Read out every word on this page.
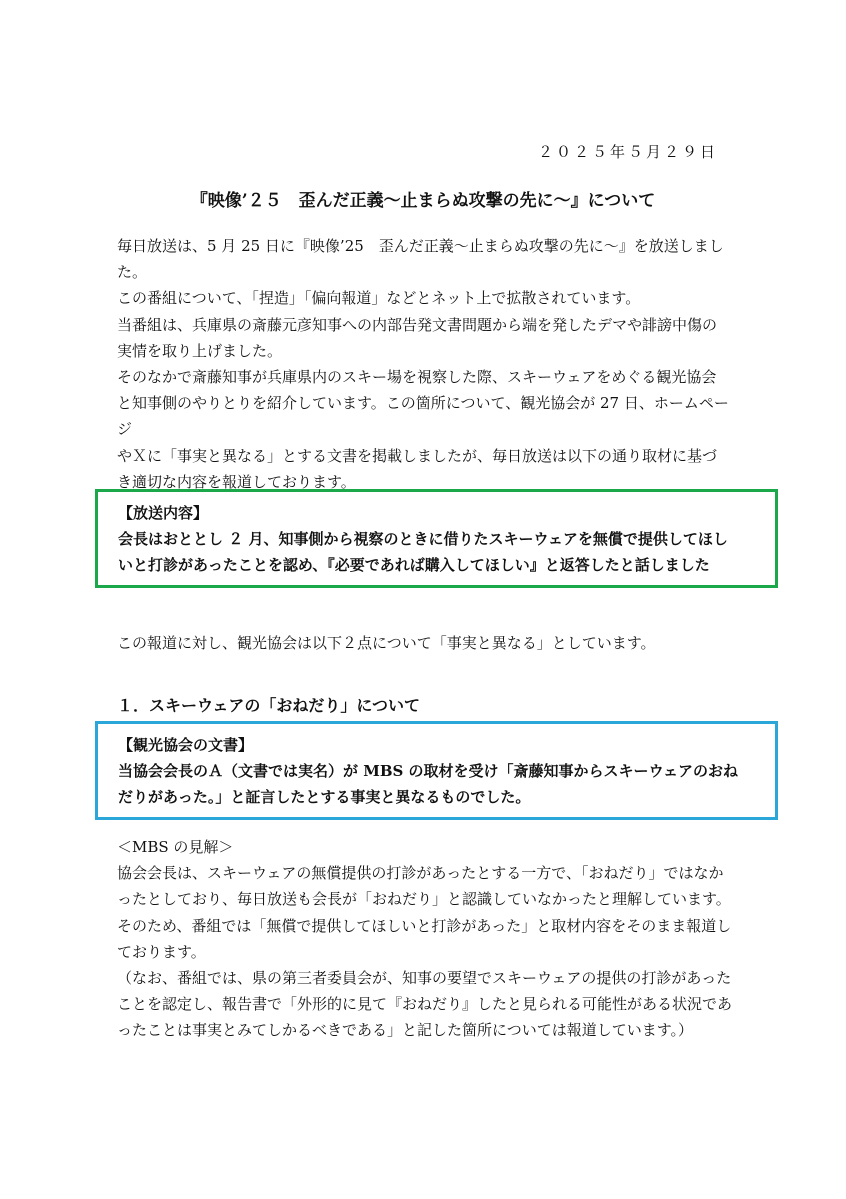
２０２５年５月２９日
『映像’２５　歪んだ正義～止まらぬ攻撃の先に～』について

毎日放送は、5 月 25 日に『映像’25　歪んだ正義～止まらぬ攻撃の先に～』を放送しました。

この番組について、「捏造」「偏向報道」などとネット上で拡散されています。

当番組は、兵庫県の斎藤元彦知事への内部告発文書問題から端を発したデマや誹謗中傷の

実情を取り上げました。

そのなかで斎藤知事が兵庫県内のスキー場を視察した際、スキーウェアをめぐる観光協会

と知事側のやりとりを紹介しています。この箇所について、観光協会が 27 日、ホームページ

やＸに「事実と異なる」とする文書を掲載しましたが、毎日放送は以下の通り取材に基づ

き適切な内容を報道しております。

【放送内容】

会長はおととし ２ 月、知事側から視察のときに借りたスキーウェアを無償で提供してほし

いと打診があったことを認め、『必要であれば購入してほしい』と返答したと話しました

この報道に対し、観光協会は以下２点について「事実と異なる」としています。
１．スキーウェアの「おねだり」について

【観光協会の文書】

当協会会長のＡ（文書では実名）が MBS の取材を受け「斎藤知事からスキーウェアのおね

だりがあった。」と証言したとする事実と異なるものでした。

＜MBS の見解＞

協会会長は、スキーウェアの無償提供の打診があったとする一方で、「おねだり」ではなか

ったとしており、毎日放送も会長が「おねだり」と認識していなかったと理解しています。

そのため、番組では「無償で提供してほしいと打診があった」と取材内容をそのまま報道し

ております。

（なお、番組では、県の第三者委員会が、知事の要望でスキーウェアの提供の打診があった

ことを認定し、報告書で「外形的に見て『おねだり』したと見られる可能性がある状況であ

ったことは事実とみてしかるべきである」と記した箇所については報道しています。）
